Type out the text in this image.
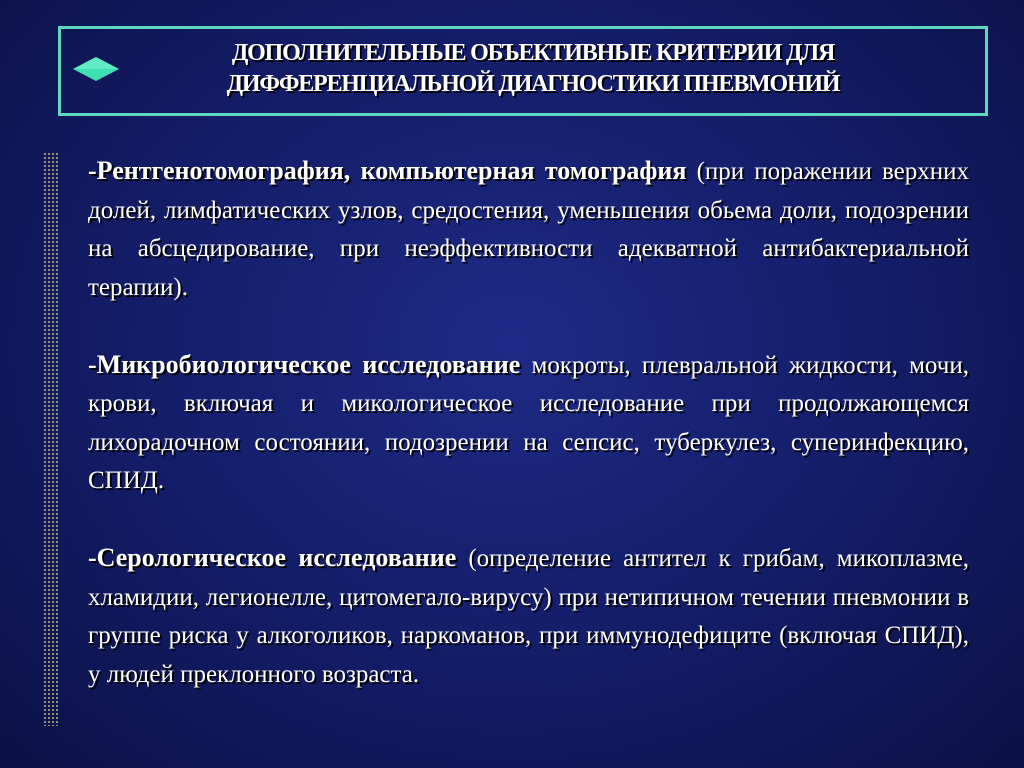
ДОПОЛНИТЕЛЬНЫЕ ОБЪЕКТИВНЫЕ КРИТЕРИИ ДЛЯ
ДИФФЕРЕНЦИАЛЬНОЙ ДИАГНОСТИКИ ПНЕВМОНИЙ

-Рентгенотомография, компьютерная томография (при поражении верхних долей, лимфатических узлов, средостения, уменьшения обьема доли, подозрении на абсцедирование, при неэффективности адекватной антибактериальной терапии).

-Микробиологическое исследование мокроты, плевральной жидкости, мочи, крови, включая и микологическое исследование при продолжающемся лихорадочном состоянии, подозрении на сепсис, туберкулез, суперинфекцию, СПИД.

-Серологическое исследование (определение антител к грибам, микоплазме, хламидии, легионелле, цитомегало-вирусу) при нетипичном течении пневмонии в группе риска у алкоголиков, наркоманов, при иммунодефиците (включая СПИД), у людей преклонного возраста.
